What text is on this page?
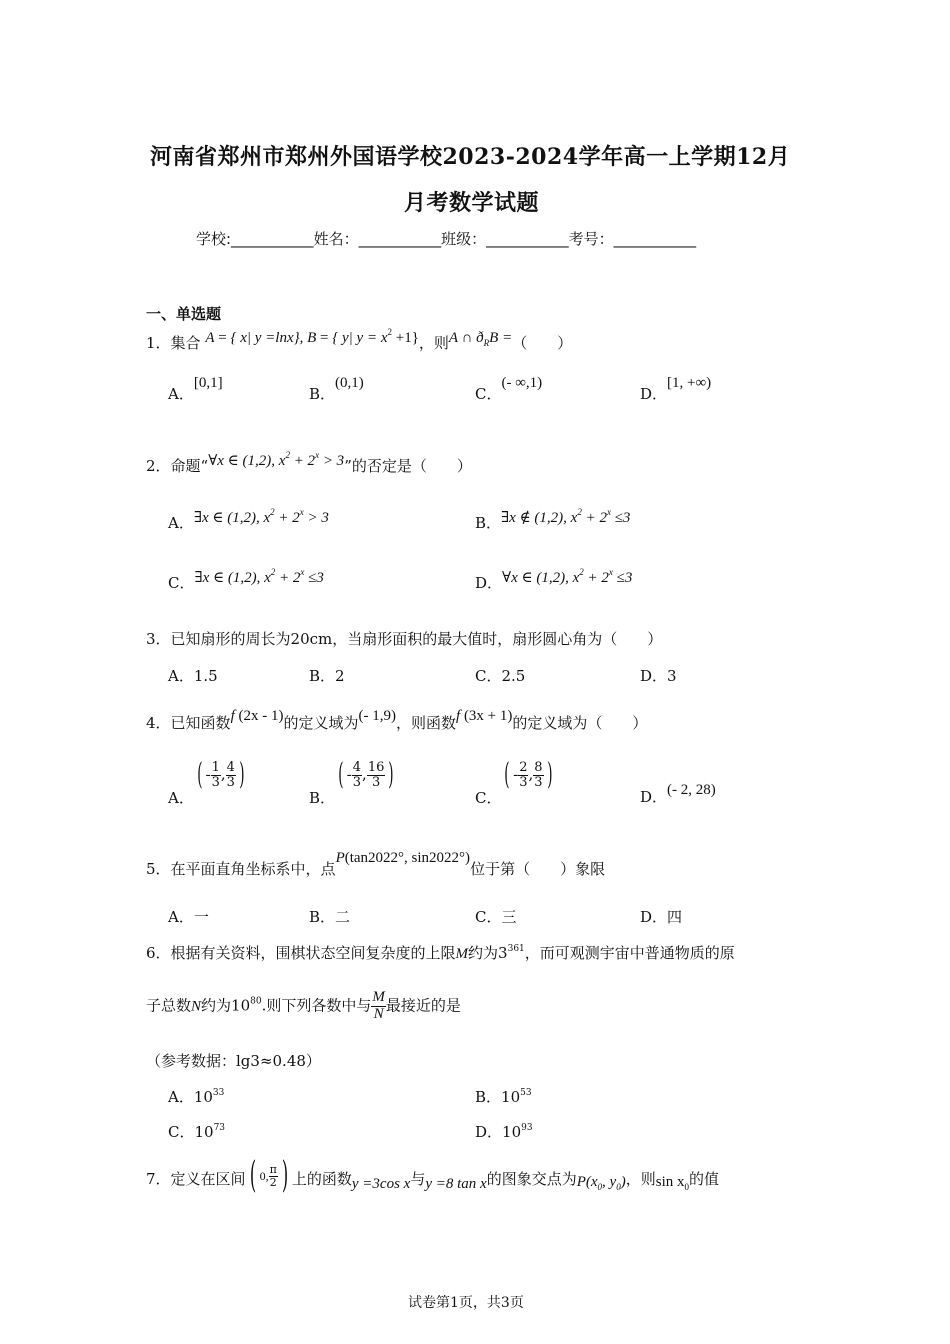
河南省郑州市郑州外国语学校2023-2024学年高一上学期12月
月考数学试题
学校:___________姓名：___________班级：___________考号：___________
一、单选题
1．集合 A = { x| y =lnx}, B = { y| $y = x^2 +1$}，则A ∩ $ð_RB$ =（　　）
A．[0,1]
B．(0,1)
C．(- ∞,1)
D．[1, +∞)
2．命题“∀x ∈ (1,2), $x^2 + 2^x > 3$”的否定是（　　）
A．∃x ∈ (1,2), $x^2 + 2^x > 3$	B．∃x ∉ (1,2), $x^2 + 2^x \le 3$
C．∃x ∈ (1,2), $x^2 + 2^x \le 3$	D．∀x ∈ (1,2), $x^2 + 2^x \le 3$
3．已知扇形的周长为20cm，当扇形面积的最大值时，扇形圆心角为（　　）
A．1.5	B．2	C．2.5	D．3
4．已知函数f (2x - 1)的定义域为(- 1,9)，则函数f (3x + 1)的定义域为（　　）
A．( - $\frac{1}{3}$ , $\frac{4}{3}$ )
B．( - $\frac{4}{3}$ , $\frac{16}{3}$ )
C．( - $\frac{2}{3}$ , $\frac{8}{3}$ )
D．(- 2, 28)
5．在平面直角坐标系中，点P(tan2022°, sin2022°)位于第（　　）象限
A．一	B．二	C．三	D．四
6．根据有关资料，围棋状态空间复杂度的上限M约为$3^{361}$，而可观测宇宙中普通物质的原
子总数N约为$10^{80}$.则下列各数中与 $\frac{M}{N}$ 最接近的是
（参考数据：lg3≈0.48）
A．$10^{33}$	B．$10^{53}$
C．$10^{73}$	D．$10^{93}$
7．定义在区间 ( 0, $\frac{\pi}{2}$ ) 上的函数y =3cos x与y =8 tan x的图象交点为$P(x_0$, $y_0$)，则$\sin x_0$的值
试卷第1页，共3页
